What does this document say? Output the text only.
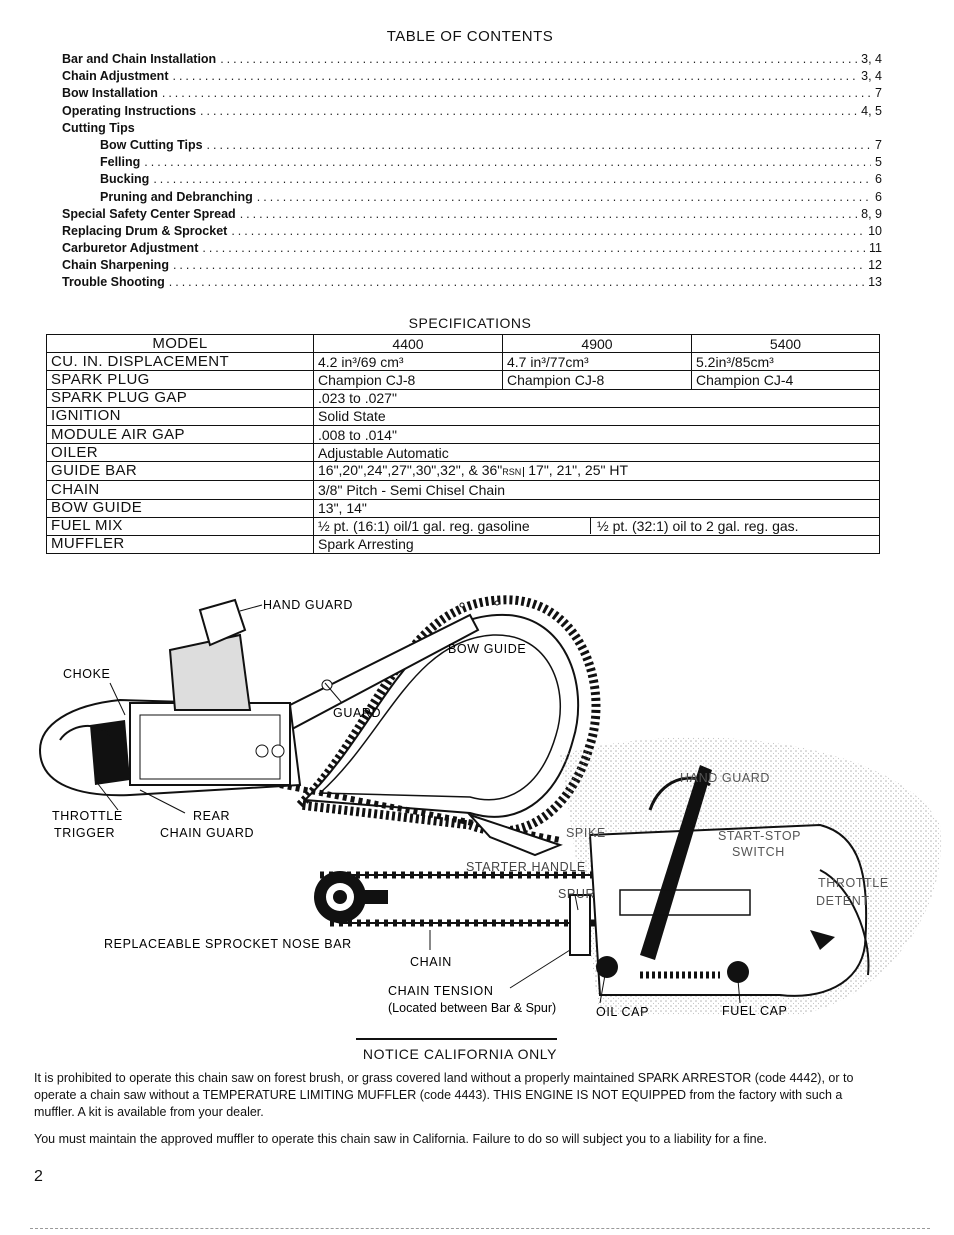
TABLE OF CONTENTS
Bar and Chain Installation .....	3, 4
Chain Adjustment .....	3, 4
Bow Installation .....	7
Operating Instructions .....	4, 5
Cutting Tips
Bow Cutting Tips .....	7
Felling .....	5
Bucking .....	6
Pruning and Debranching .....	6
Special Safety Center Spread .....	8, 9
Replacing Drum & Sprocket .....	10
Carburetor Adjustment .....	11
Chain Sharpening .....	12
Trouble Shooting .....	13
SPECIFICATIONS
MODEL	4400	4900	5400
CU. IN. DISPLACEMENT	4.2 in³/69 cm³	4.7 in³/77cm³	5.2in³/85cm³
SPARK PLUG	Champion CJ-8	Champion CJ-8	Champion CJ-4
SPARK PLUG GAP	.023 to .027"		
IGNITION	Solid State		
MODULE AIR GAP	.008 to .014"		
OILER	Adjustable Automatic		
GUIDE BAR	16",20",24",27",30",32", & 36"RSN 17", 21", 25" HT		
CHAIN	3/8" Pitch - Semi Chisel Chain		
BOW GUIDE	13", 14"		
FUEL MIX	½ pt. (16:1) oil/1 gal. reg. gasoline ½ pt. (32:1) oil to 2 gal. reg. gas.		
MUFFLER	Spark Arresting		
HAND GUARD
BOW GUIDE
CHOKE
GUARD
THROTTLE
TRIGGER
REAR
CHAIN GUARD
HAND GUARD
SPIKE	START-STOP
SWITCH
THROTTLE
DETENT
STARTER HANDLE
SPUR
REPLACEABLE SPROCKET NOSE BAR
CHAIN
CHAIN TENSION
(Located between Bar & Spur)	OIL CAP	FUEL CAP
NOTICE CALIFORNIA ONLY
It is prohibited to operate this chain saw on forest brush, or grass covered land without a properly maintained SPARK ARRESTOR (code 4442), or to operate a chain saw without a TEMPERATURE LIMITING MUFFLER (code 4443). THIS ENGINE IS NOT EQUIPPED from the factory with such a muffler. A kit is available from your dealer.
You must maintain the approved muffler to operate this chain saw in California. Failure to do so will subject you to a liability for a fine.
2
